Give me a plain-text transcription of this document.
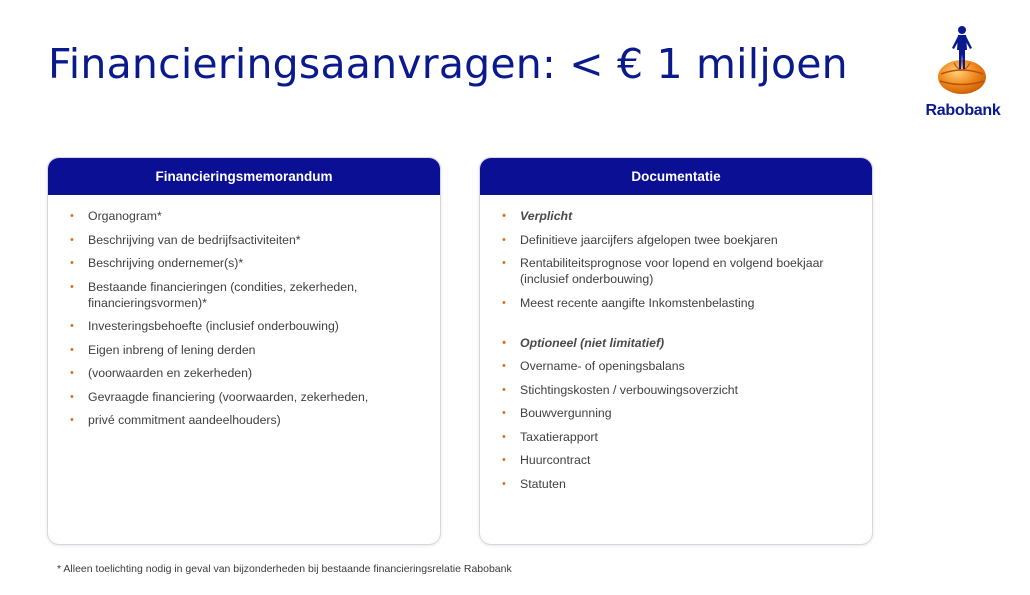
Financieringsaanvragen: < € 1 miljoen
Rabobank
Financieringsmemorandum
• Organogram*
• Beschrijving van de bedrijfsactiviteiten*
• Beschrijving ondernemer(s)*
• Bestaande financieringen (condities, zekerheden, financieringsvormen)*
• Investeringsbehoefte (inclusief onderbouwing)
• Eigen inbreng of lening derden
• (voorwaarden en zekerheden)
• Gevraagde financiering (voorwaarden, zekerheden,
• privé commitment aandeelhouders)
Documentatie
• Verplicht
• Definitieve jaarcijfers afgelopen twee boekjaren
• Rentabiliteitsprognose voor lopend en volgend boekjaar (inclusief onderbouwing)
• Meest recente aangifte Inkomstenbelasting
• Optioneel (niet limitatief)
• Overname- of openingsbalans
• Stichtingskosten / verbouwingsoverzicht
• Bouwvergunning
• Taxatierapport
• Huurcontract
• Statuten
* Alleen toelichting nodig in geval van bijzonderheden bij bestaande financieringsrelatie Rabobank
